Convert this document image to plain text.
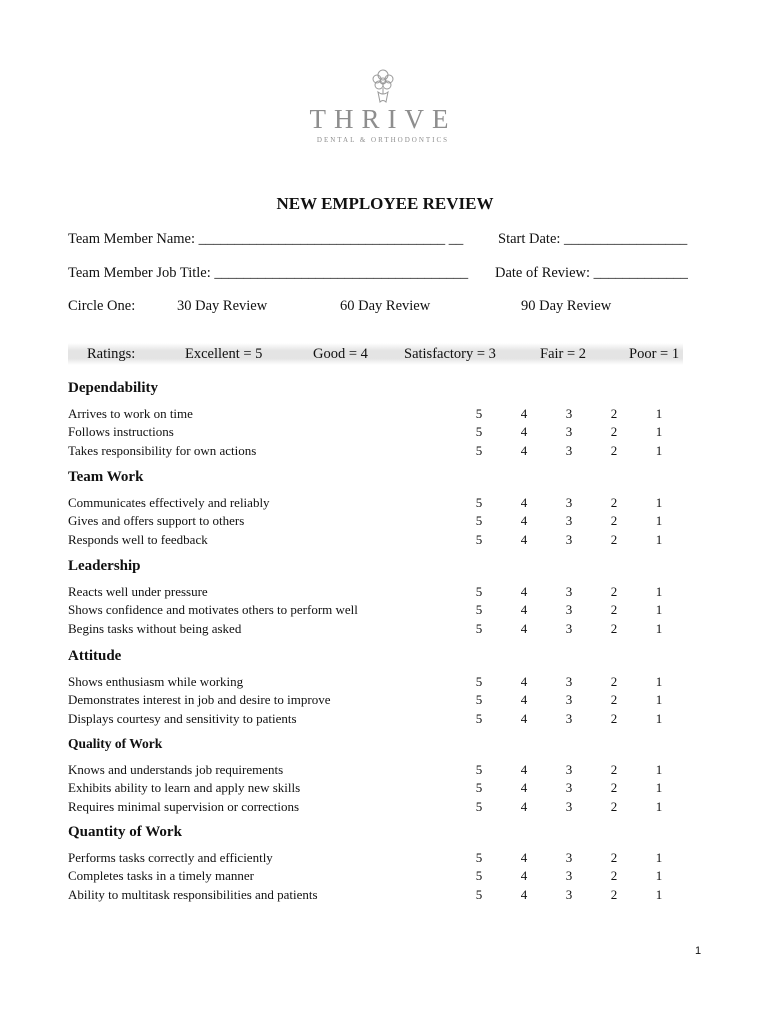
THRIVE
DENTAL & ORTHODONTICS
NEW EMPLOYEE REVIEW
Team Member Name: __________________________________ __ Start Date: _________________
Team Member Job Title: ___________________________________ Date of Review: _____________
Circle One:	30 Day Review	60 Day Review	90 Day Review
Ratings:	Excellent = 5	Good = 4 Satisfactory = 3	Fair = 2	Poor = 1
Dependability
Arrives to work on time	5	4	3	2	1
Follows instructions	5	4	3	2	1
Takes responsibility for own actions	5	4	3	2	1
Team Work
Communicates effectively and reliably	5	4	3	2	1
Gives and offers support to others	5	4	3	2	1
Responds well to feedback	5	4	3	2	1
Leadership
Reacts well under pressure	5	4	3	2	1
Shows confidence and motivates others to perform well	5	4	3	2	1
Begins tasks without being asked	5	4	3	2	1
Attitude
Shows enthusiasm while working	5	4	3	2	1
Demonstrates interest in job and desire to improve	5	4	3	2	1
Displays courtesy and sensitivity to patients	5	4	3	2	1
Quality of Work
Knows and understands job requirements	5	4	3	2	1
Exhibits ability to learn and apply new skills	5	4	3	2	1
Requires minimal supervision or corrections	5	4	3	2	1
Quantity of Work
Performs tasks correctly and efficiently	5	4	3	2	1
Completes tasks in a timely manner	5	4	3	2	1
Ability to multitask responsibilities and patients	5	4	3	2	1
1
